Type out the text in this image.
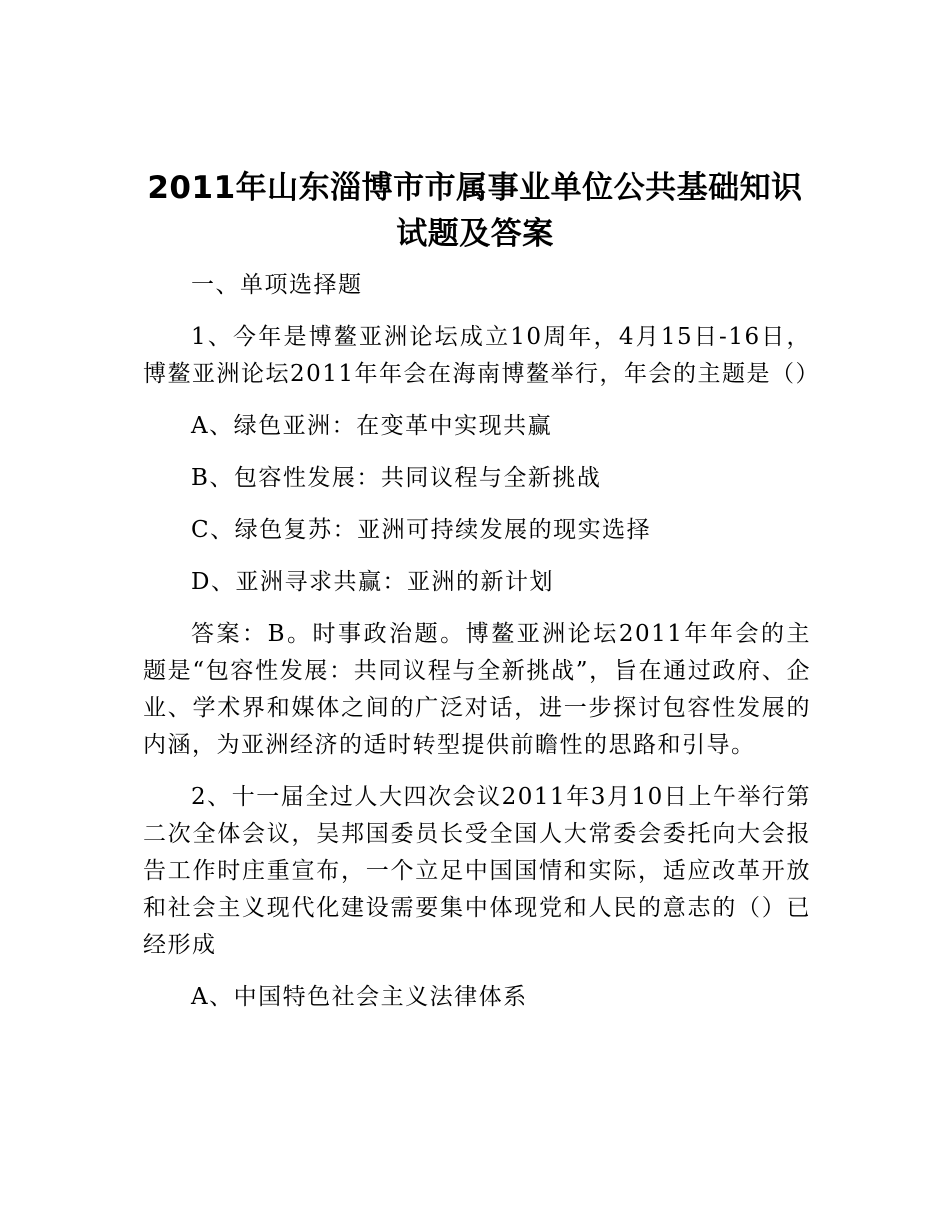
2011年山东淄博市市属事业单位公共基础知识
试题及答案

一、单项选择题

1、今年是博鳌亚洲论坛成立10周年，4月15日-16日，博鳌亚洲论坛2011年年会在海南博鳌举行，年会的主题是（）

A、绿色亚洲：在变革中实现共赢

B、包容性发展：共同议程与全新挑战

C、绿色复苏：亚洲可持续发展的现实选择

D、亚洲寻求共赢：亚洲的新计划

答案：B。时事政治题。博鳌亚洲论坛2011年年会的主题是“包容性发展：共同议程与全新挑战”，旨在通过政府、企业、学术界和媒体之间的广泛对话，进一步探讨包容性发展的内涵，为亚洲经济的适时转型提供前瞻性的思路和引导。

2、十一届全过人大四次会议2011年3月10日上午举行第二次全体会议，吴邦国委员长受全国人大常委会委托向大会报告工作时庄重宣布，一个立足中国国情和实际，适应改革开放和社会主义现代化建设需要集中体现党和人民的意志的（）已经形成

A、中国特色社会主义法律体系
